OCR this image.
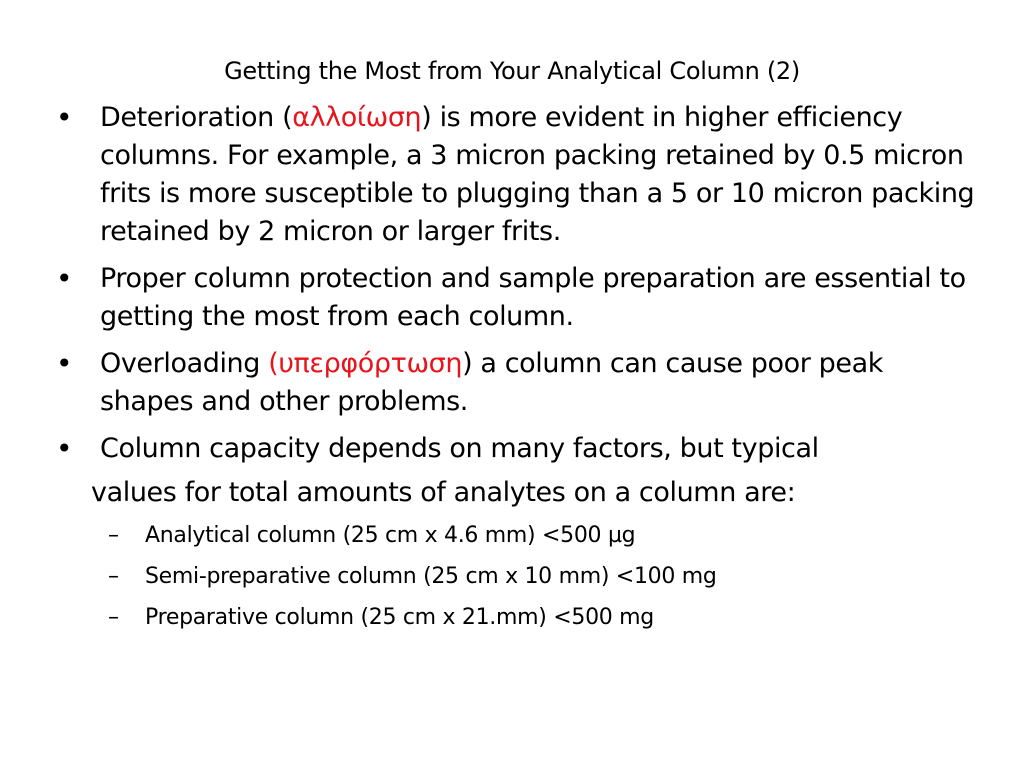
Getting the Most from Your Analytical Column (2)
• Deterioration (αλλοίωση) is more evident in higher efficiency columns. For example, a 3 micron packing retained by 0.5 micron frits is more susceptible to plugging than a 5 or 10 micron packing retained by 2 micron or larger frits.
• Proper column protection and sample preparation are essential to getting the most from each column.
• Overloading (υπερφόρτωση) a column can cause poor peak shapes and other problems.
• Column capacity depends on many factors, but typical
values for total amounts of analytes on a column are:
– Analytical column (25 cm x 4.6 mm) <500 µg
– Semi-preparative column (25 cm x 10 mm) <100 mg
– Preparative column (25 cm x 21.mm) <500 mg
